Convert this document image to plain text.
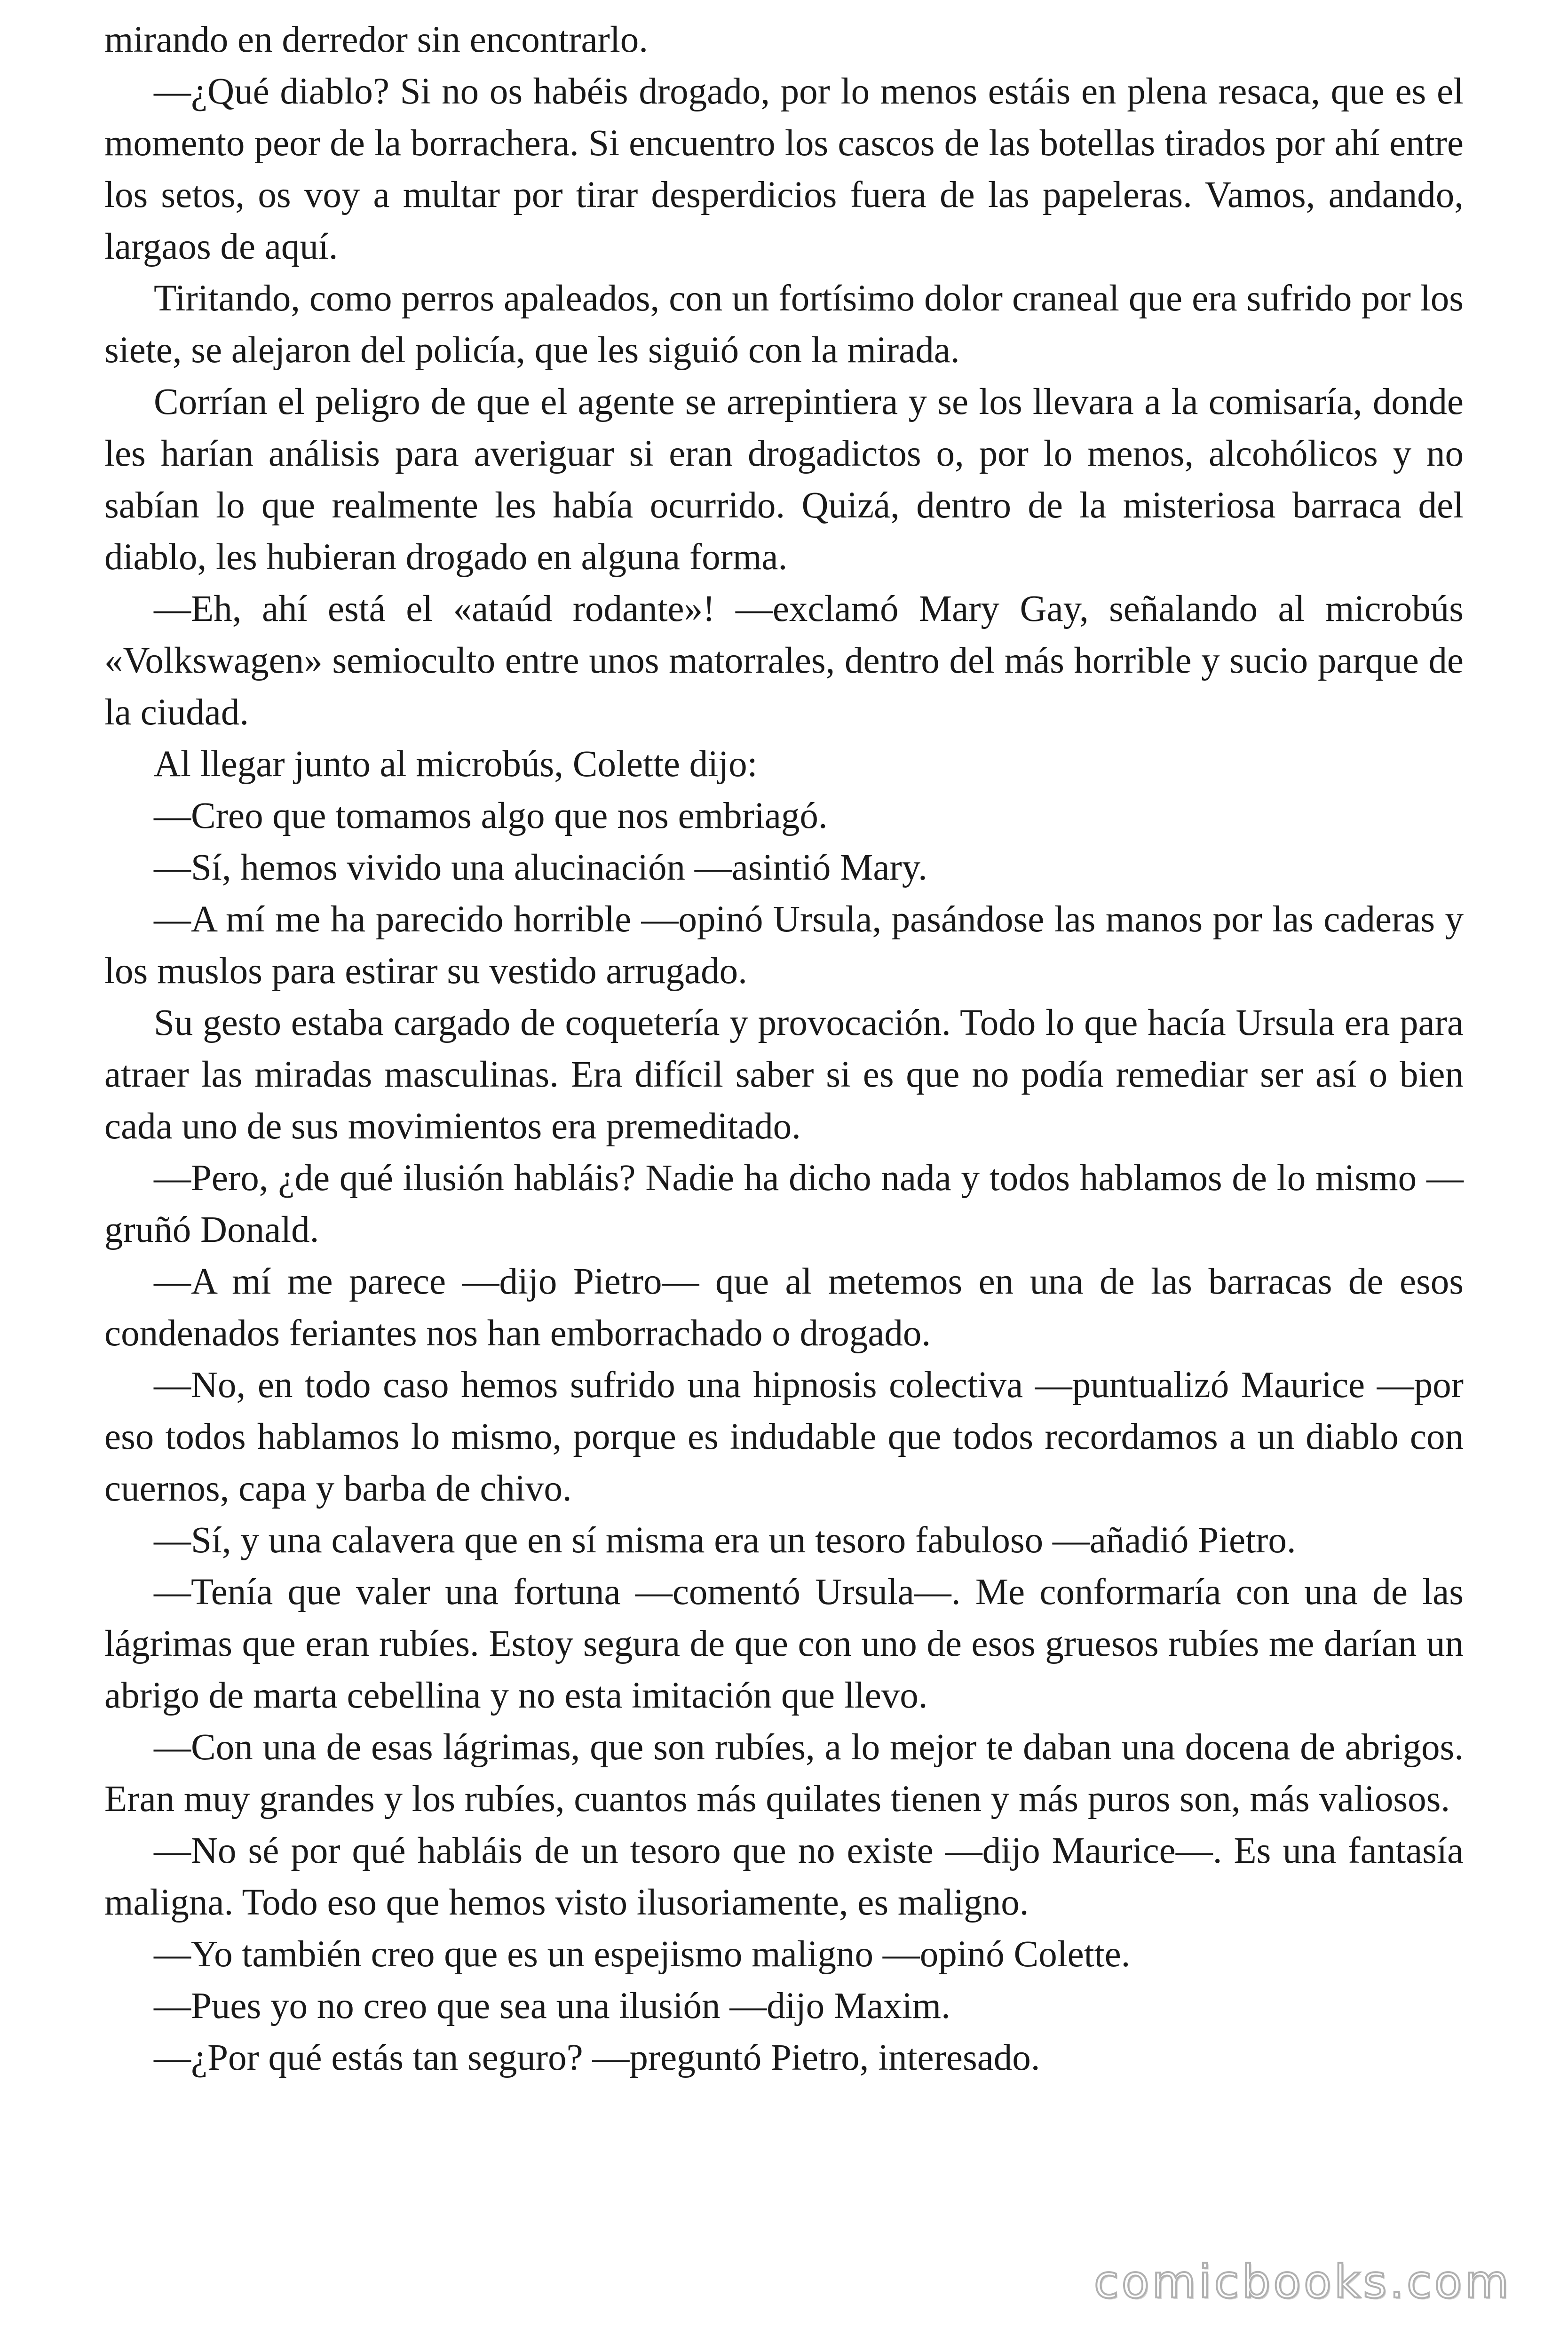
mirando en derredor sin encontrarlo.

—¿Qué diablo? Si no os habéis drogado, por lo menos estáis en plena resaca, que es el momento peor de la borrachera. Si encuentro los cascos de las botellas tirados por ahí entre los setos, os voy a multar por tirar desperdicios fuera de las papeleras. Vamos, andando, largaos de aquí.

Tiritando, como perros apaleados, con un fortísimo dolor craneal que era sufrido por los siete, se alejaron del policía, que les siguió con la mirada.

Corrían el peligro de que el agente se arrepintiera y se los llevara a la comisaría, donde les harían análisis para averiguar si eran drogadictos o, por lo menos, alcohólicos y no sabían lo que realmente les había ocurrido. Quizá, dentro de la misteriosa barraca del diablo, les hubieran drogado en alguna forma.

—Eh, ahí está el «ataúd rodante»! —exclamó Mary Gay, señalando al microbús «Volkswagen» semioculto entre unos matorrales, dentro del más horrible y sucio parque de la ciudad.

Al llegar junto al microbús, Colette dijo:

—Creo que tomamos algo que nos embriagó.

—Sí, hemos vivido una alucinación —asintió Mary.

—A mí me ha parecido horrible —opinó Ursula, pasándose las manos por las caderas y los muslos para estirar su vestido arrugado.

Su gesto estaba cargado de coquetería y provocación. Todo lo que hacía Ursula era para atraer las miradas masculinas. Era difícil saber si es que no podía remediar ser así o bien cada uno de sus movimientos era premeditado.

—Pero, ¿de qué ilusión habláis? Nadie ha dicho nada y todos hablamos de lo mismo —gruñó Donald.

—A mí me parece —dijo Pietro— que al metemos en una de las barracas de esos condenados feriantes nos han emborrachado o drogado.

—No, en todo caso hemos sufrido una hipnosis colectiva —puntualizó Maurice —por eso todos hablamos lo mismo, porque es indudable que todos recordamos a un diablo con cuernos, capa y barba de chivo.

—Sí, y una calavera que en sí misma era un tesoro fabuloso —añadió Pietro.

—Tenía que valer una fortuna —comentó Ursula—. Me conformaría con una de las lágrimas que eran rubíes. Estoy segura de que con uno de esos gruesos rubíes me darían un abrigo de marta cebellina y no esta imitación que llevo.

—Con una de esas lágrimas, que son rubíes, a lo mejor te daban una docena de abrigos. Eran muy grandes y los rubíes, cuantos más quilates tienen y más puros son, más valiosos.

—No sé por qué habláis de un tesoro que no existe —dijo Maurice—. Es una fantasía maligna. Todo eso que hemos visto ilusoriamente, es maligno.

—Yo también creo que es un espejismo maligno —opinó Colette.

—Pues yo no creo que sea una ilusión —dijo Maxim.

—¿Por qué estás tan seguro? —preguntó Pietro, interesado.

comicbooks.com
